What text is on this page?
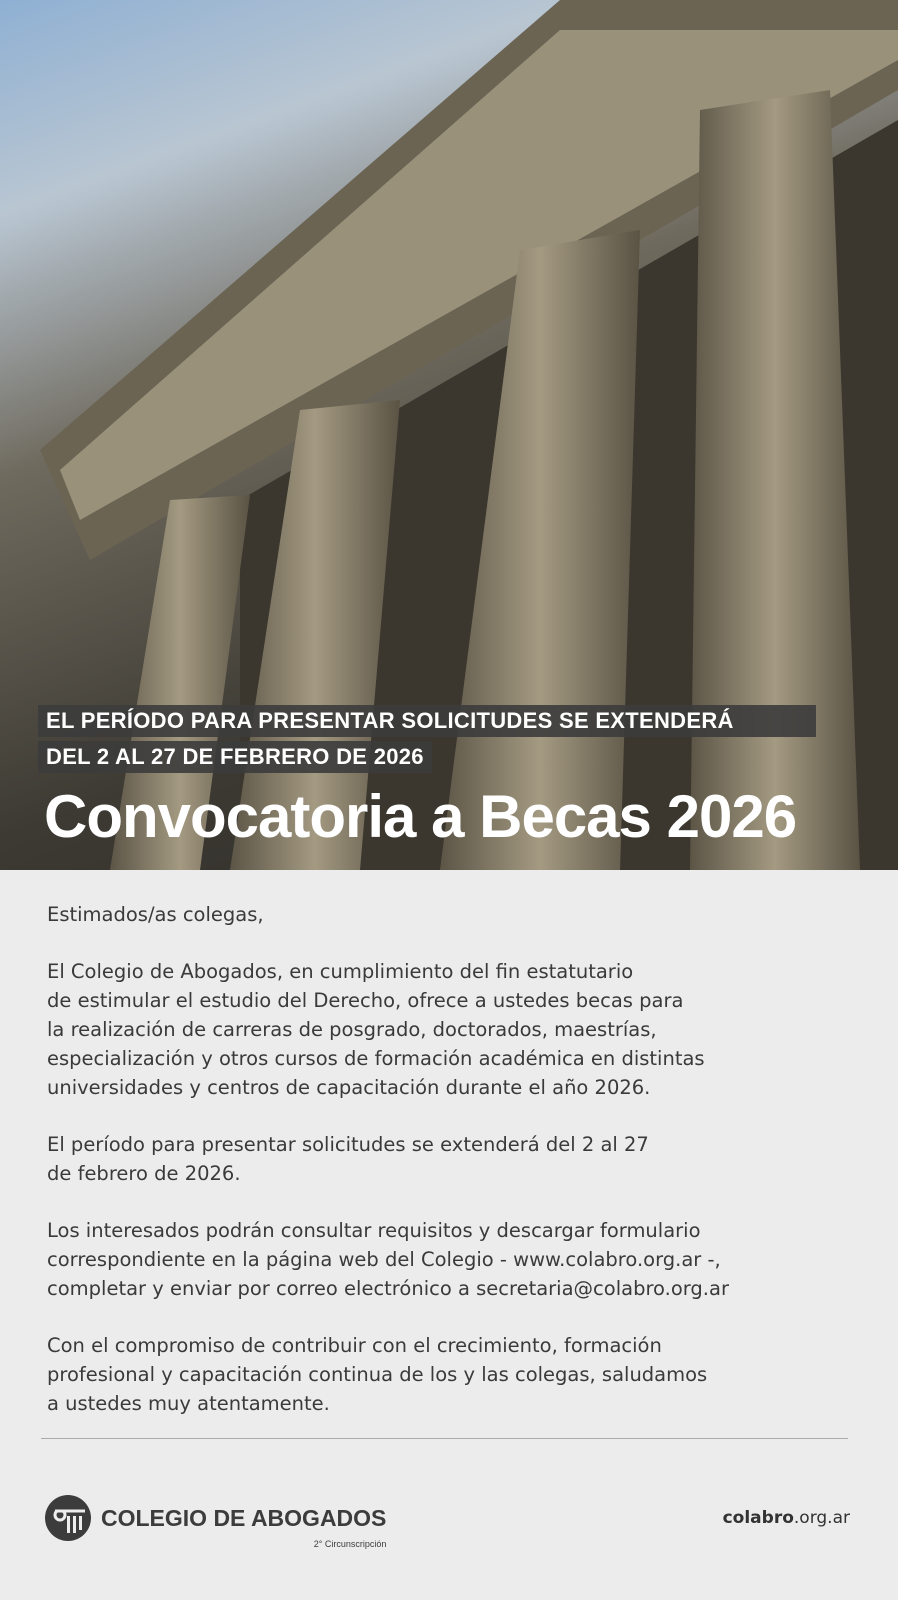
EL PERÍODO PARA PRESENTAR SOLICITUDES SE EXTENDERÁ
DEL 2 AL 27 DE FEBRERO DE 2026
Convocatoria a Becas 2026

Estimados/as colegas,

El Colegio de Abogados, en cumplimiento del fin estatutario
de estimular el estudio del Derecho, ofrece a ustedes becas para
la realización de carreras de posgrado, doctorados, maestrías,
especialización y otros cursos de formación académica en distintas
universidades y centros de capacitación durante el año 2026.

El período para presentar solicitudes se extenderá del 2 al 27
de febrero de 2026.

Los interesados podrán consultar requisitos y descargar formulario
correspondiente en la página web del Colegio - www.colabro.org.ar -,
completar y enviar por correo electrónico a secretaria@colabro.org.ar

Con el compromiso de contribuir con el crecimiento, formación
profesional y capacitación continua de los y las colegas, saludamos
a ustedes muy atentamente.

COLEGIO DE ABOGADOS
2° Circunscripción
colabro.org.ar
